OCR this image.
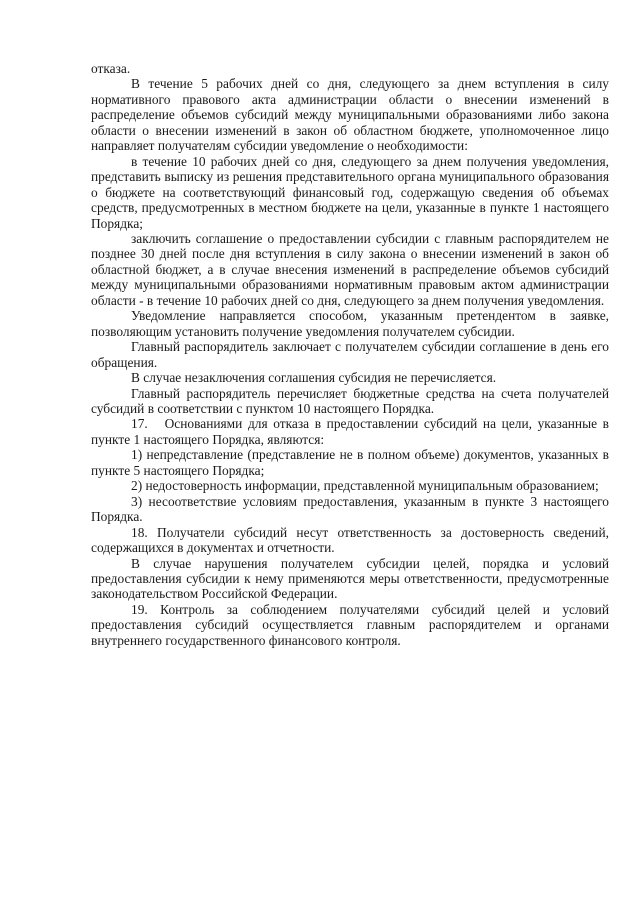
отказа.

В течение 5 рабочих дней со дня, следующего за днем вступления в силу нормативного правового акта администрации области о внесении изменений в распределение объемов субсидий между муниципальными образованиями либо закона области о внесении изменений в закон об областном бюджете, уполномоченное лицо направляет получателям субсидии уведомление о необходимости:

в течение 10 рабочих дней со дня, следующего за днем получения уведомления, представить выписку из решения представительного органа муниципального образования о бюджете на соответствующий финансовый год, содержащую сведения об объемах средств, предусмотренных в местном бюджете на цели, указанные в пункте 1 настоящего Порядка;

заключить соглашение о предоставлении субсидии с главным распорядителем не позднее 30 дней после дня вступления в силу закона о внесении изменений в закон об областной бюджет, а в случае внесения изменений в распределение объемов субсидий между муниципальными образованиями нормативным правовым актом администрации области - в течение 10 рабочих дней со дня, следующего за днем получения уведомления.

Уведомление направляется способом, указанным претендентом в заявке, позволяющим установить получение уведомления получателем субсидии.

Главный распорядитель заключает с получателем субсидии соглашение в день его обращения.

В случае незаключения соглашения субсидия не перечисляется.

Главный распорядитель перечисляет бюджетные средства на счета получателей субсидий в соответствии с пунктом 10 настоящего Порядка.

17.   Основаниями для отказа в предоставлении субсидий на цели, указанные в пункте 1 настоящего Порядка, являются:

1) непредставление (представление не в полном объеме) документов, указанных в пункте 5 настоящего Порядка;

2) недостоверность информации, представленной муниципальным образованием;

3) несоответствие условиям предоставления, указанным в пункте 3 настоящего Порядка.

18. Получатели субсидий несут ответственность за достоверность сведений, содержащихся в документах и отчетности.

В случае нарушения получателем субсидии целей, порядка и условий предоставления субсидии к нему применяются меры ответственности, предусмотренные законодательством Российской Федерации.

19. Контроль за соблюдением получателями субсидий целей и условий предоставления субсидий осуществляется главным распорядителем и органами внутреннего государственного финансового контроля.
